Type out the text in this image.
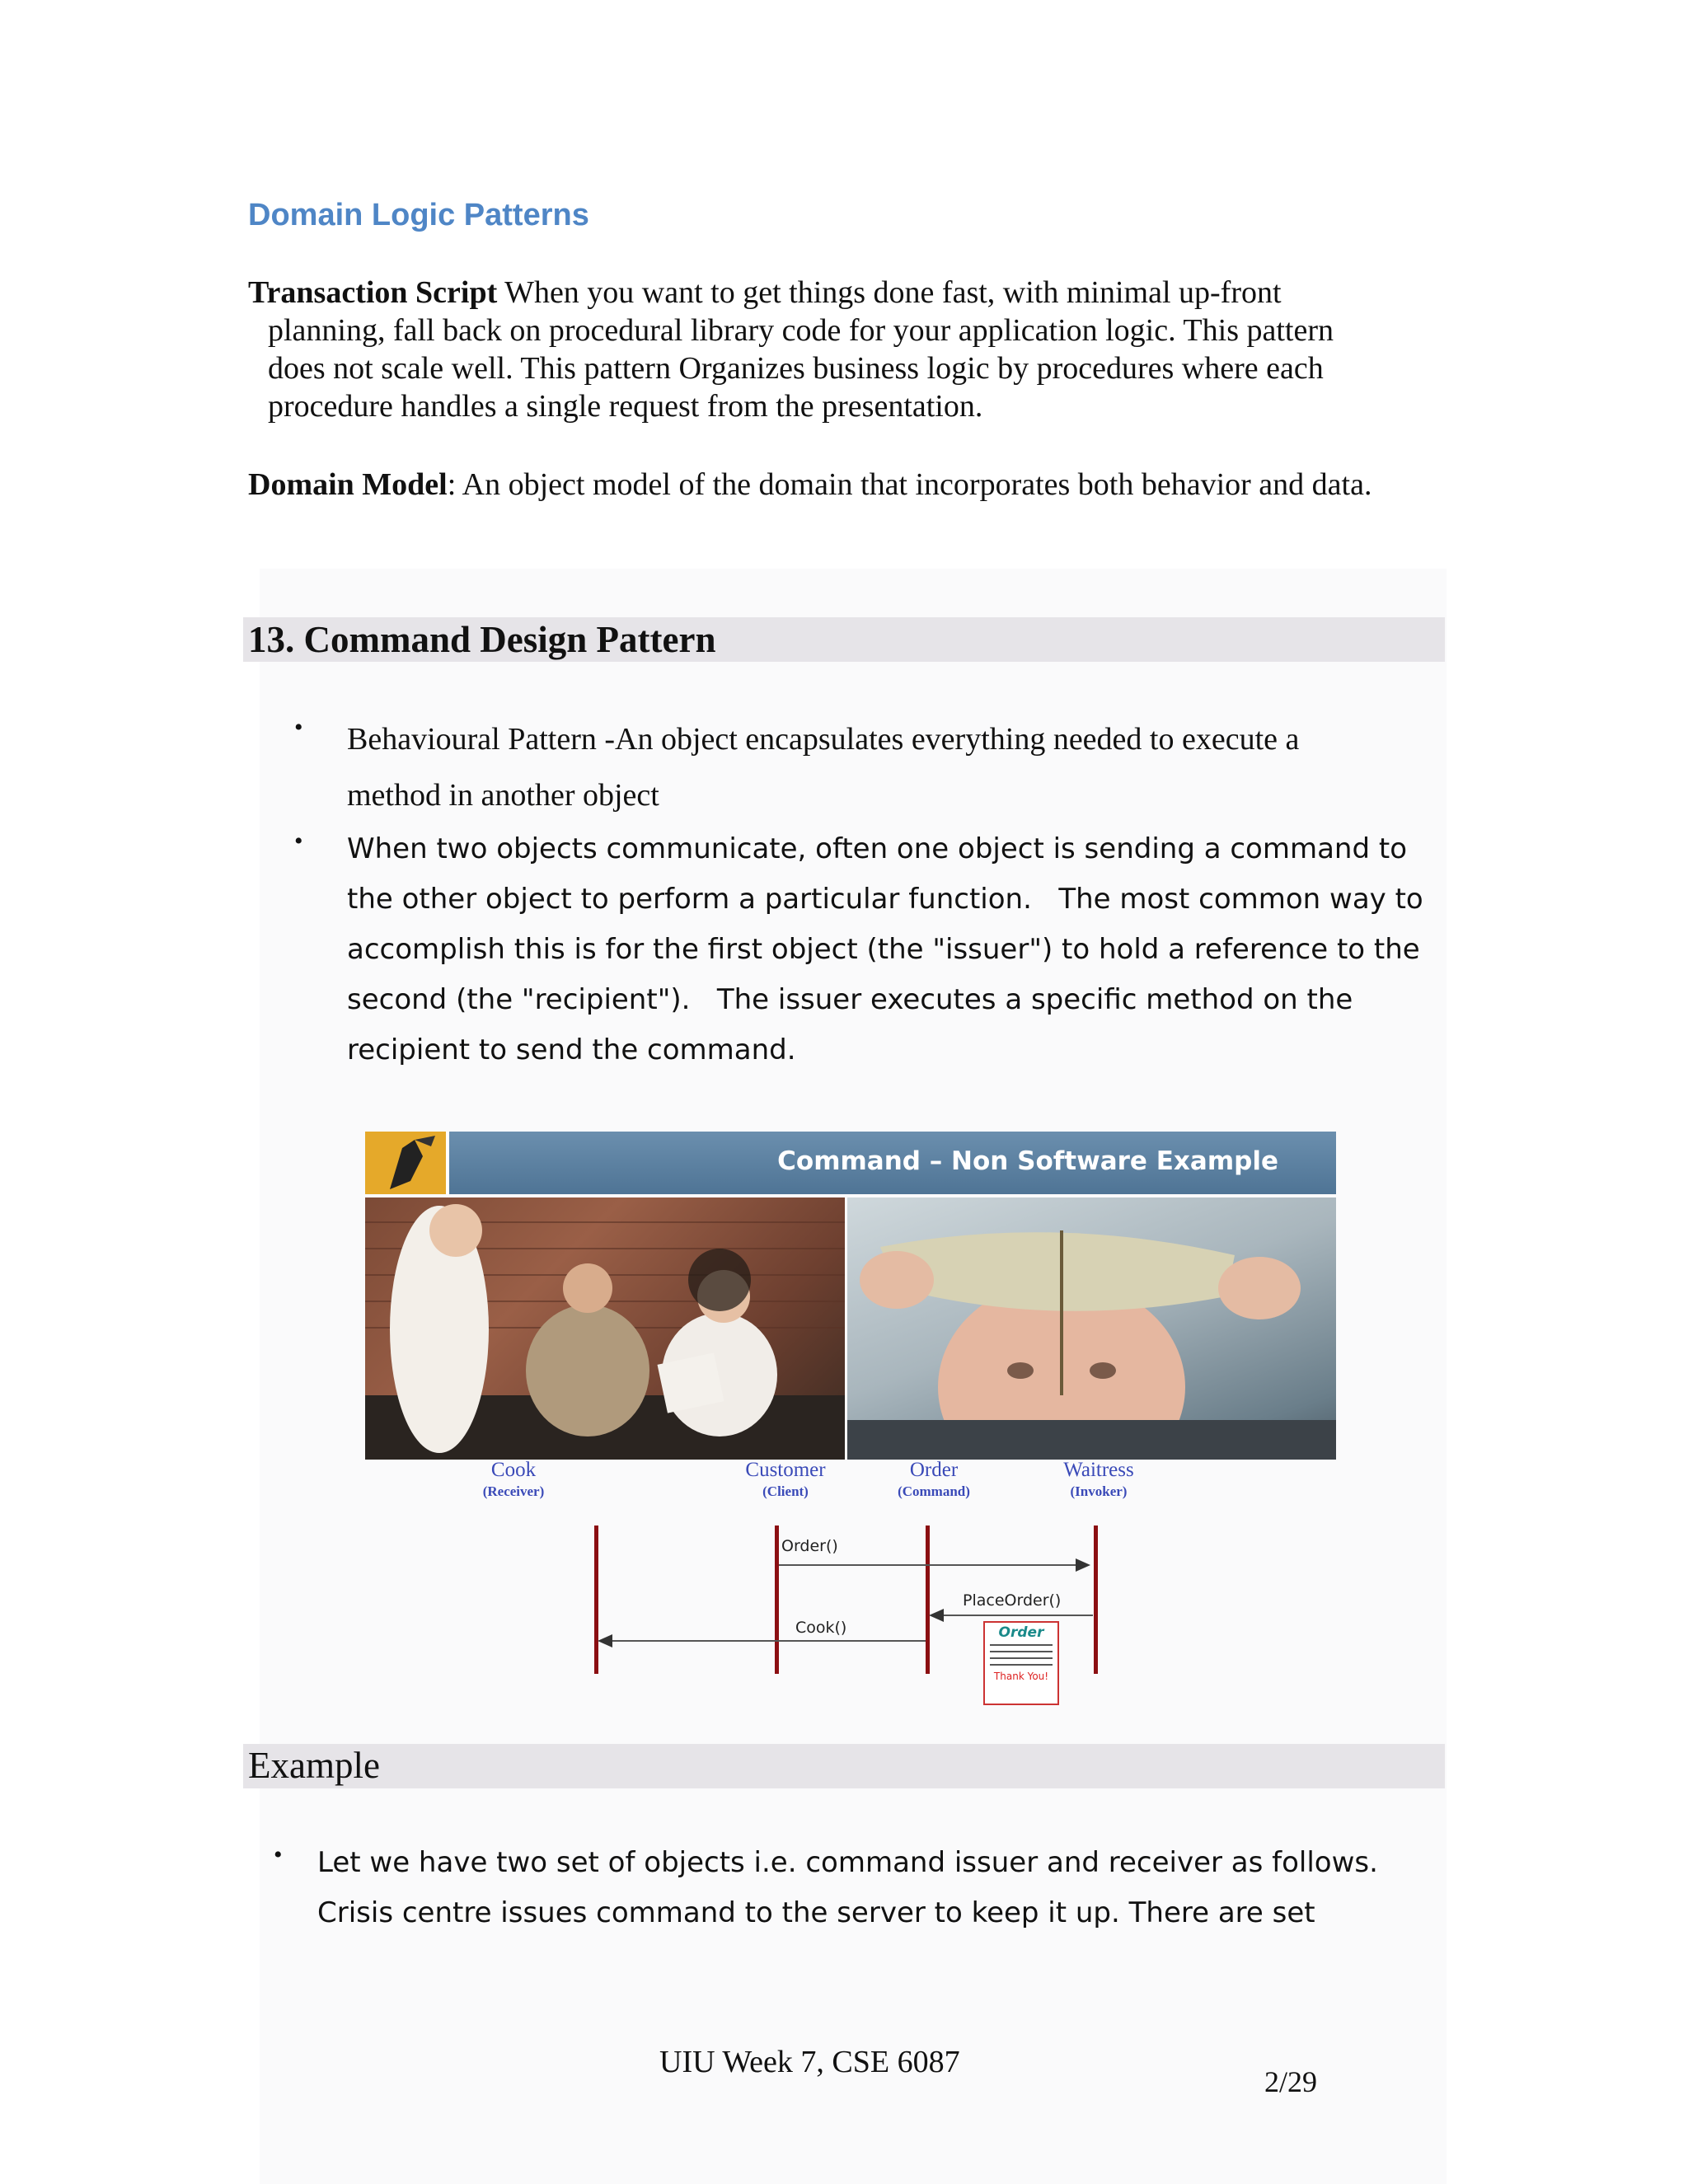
Domain Logic Patterns
Transaction Script When you want to get things done fast, with minimal up-front
planning, fall back on procedural library code for your application logic. This pattern
does not scale well. This pattern Organizes business logic by procedures where each
procedure handles a single request from the presentation.
Domain Model: An object model of the domain that incorporates both behavior and data.
13. Command Design Pattern
• Behavioural Pattern -An object encapsulates everything needed to execute a
method in another object
• When two objects communicate, often one object is sending a command to
the other object to perform a particular function.   The most common way to
accomplish this is for the first object (the "issuer") to hold a reference to the
second (the "recipient").   The issuer executes a specific method on the
recipient to send the command.
Command – Non Software Example
Cook
(Receiver)
Customer
(Client)
Order
(Command)
Waitress
(Invoker)
Order()
PlaceOrder()
Cook()	Order
Thank You!
Example
• Let we have two set of objects i.e. command issuer and receiver as follows.
Crisis centre issues command to the server to keep it up. There are set
UIU Week 7, CSE 6087
2/29
